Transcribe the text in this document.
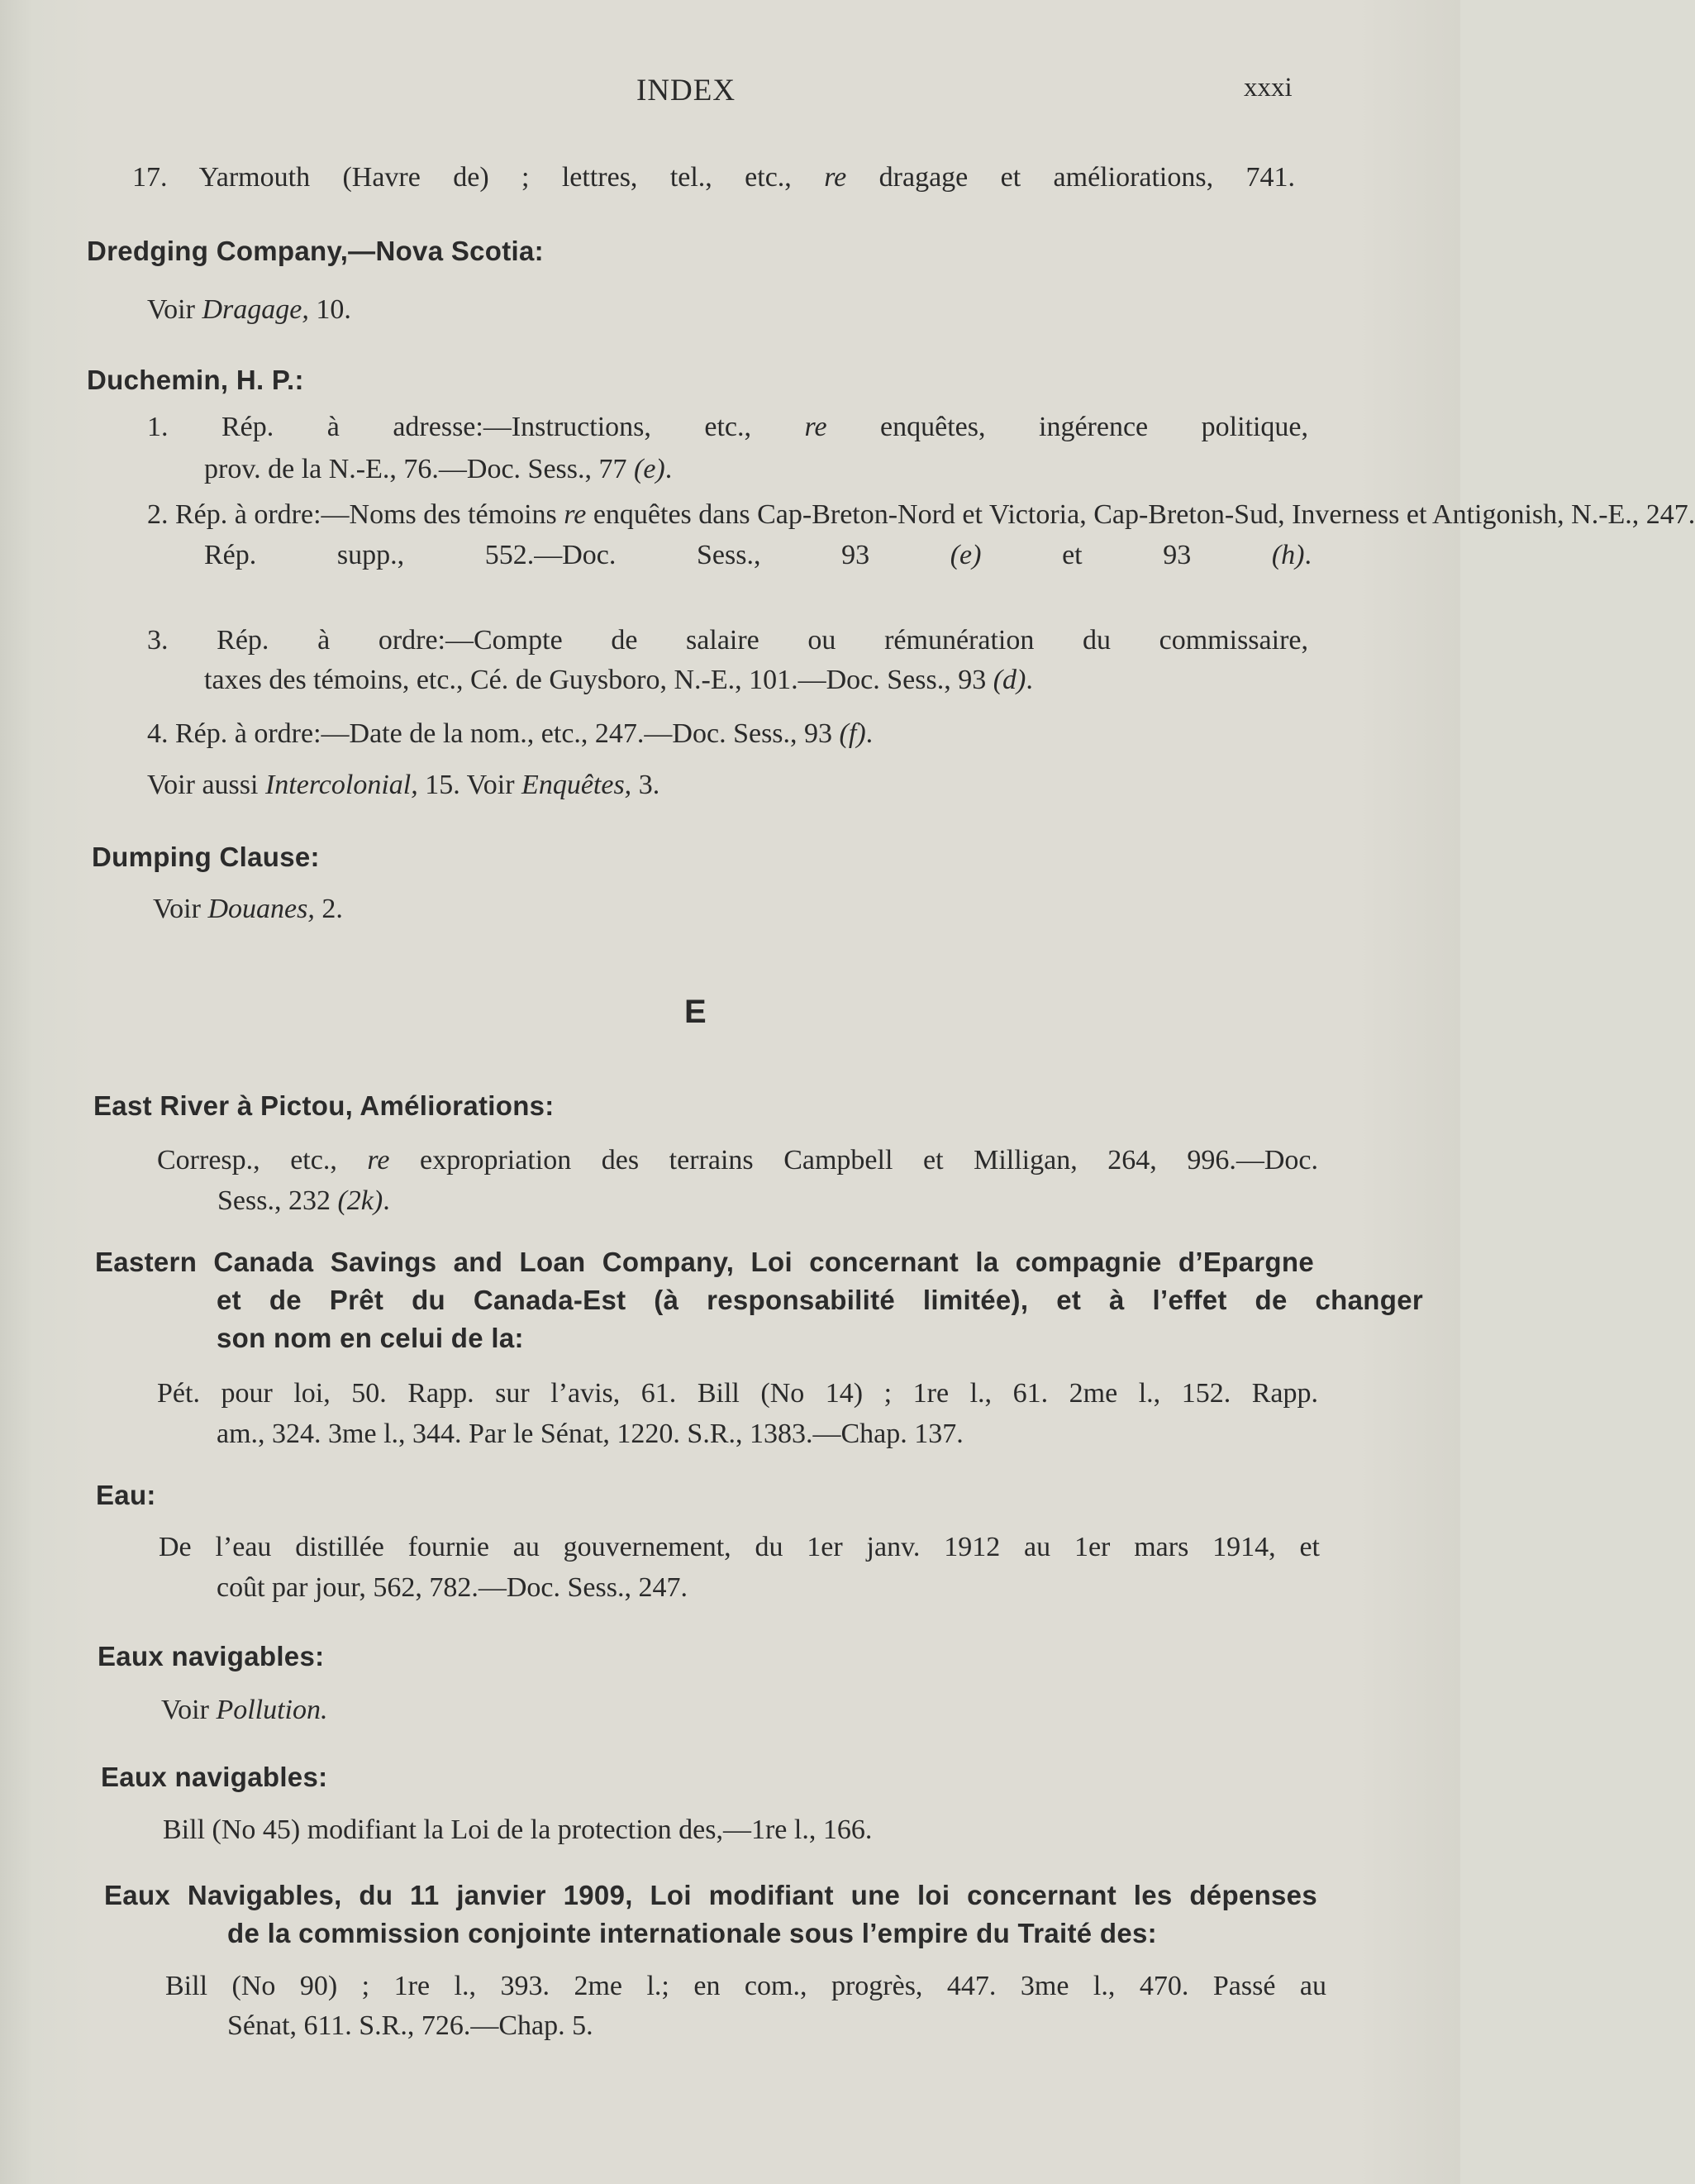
INDEX	xxxi
17. Yarmouth (Havre de) ; lettres, tel., etc., re dragage et améliorations, 741.
Dredging Company,—Nova Scotia:
Voir Dragage, 10.
Duchemin, H. P.:
1. Rép. à adresse:—Instructions, etc., re enquêtes, ingérence politique,
prov. de la N.-E., 76.—Doc. Sess., 77 (e).
2. Rép. à ordre:—Noms des témoins re enquêtes dans Cap-Breton-Nord et Victoria, Cap-Breton-Sud, Inverness et Antigonish, N.-E., 247.
Rép. supp., 552.—Doc. Sess., 93 (e) et 93 (h).
3. Rép. à ordre:—Compte de salaire ou rémunération du commissaire,
taxes des témoins, etc., Cé. de Guysboro, N.-E., 101.—Doc. Sess., 93 (d).
4. Rép. à ordre:—Date de la nom., etc., 247.—Doc. Sess., 93 (f).
Voir aussi Intercolonial, 15. Voir Enquêtes, 3.
Dumping Clause:
Voir Douanes, 2.
E
East River à Pictou, Améliorations:
Corresp., etc., re expropriation des terrains Campbell et Milligan, 264, 996.—Doc.
Sess., 232 (2k).
Eastern Canada Savings and Loan Company, Loi concernant la compagnie d’Epargne
et de Prêt du Canada-Est (à responsabilité limitée), et à l’effet de changer
son nom en celui de la:
Pét. pour loi, 50. Rapp. sur l’avis, 61. Bill (No 14) ; 1re l., 61. 2me l., 152. Rapp.
am., 324. 3me l., 344. Par le Sénat, 1220. S.R., 1383.—Chap. 137.
Eau:
De l’eau distillée fournie au gouvernement, du 1er janv. 1912 au 1er mars 1914, et
coût par jour, 562, 782.—Doc. Sess., 247.
Eaux navigables:
Voir Pollution.
Eaux navigables:
Bill (No 45) modifiant la Loi de la protection des,—1re l., 166.
Eaux Navigables, du 11 janvier 1909, Loi modifiant une loi concernant les dépenses
de la commission conjointe internationale sous l’empire du Traité des:
Bill (No 90) ; 1re l., 393. 2me l.; en com., progrès, 447. 3me l., 470. Passé au
Sénat, 611. S.R., 726.—Chap. 5.
